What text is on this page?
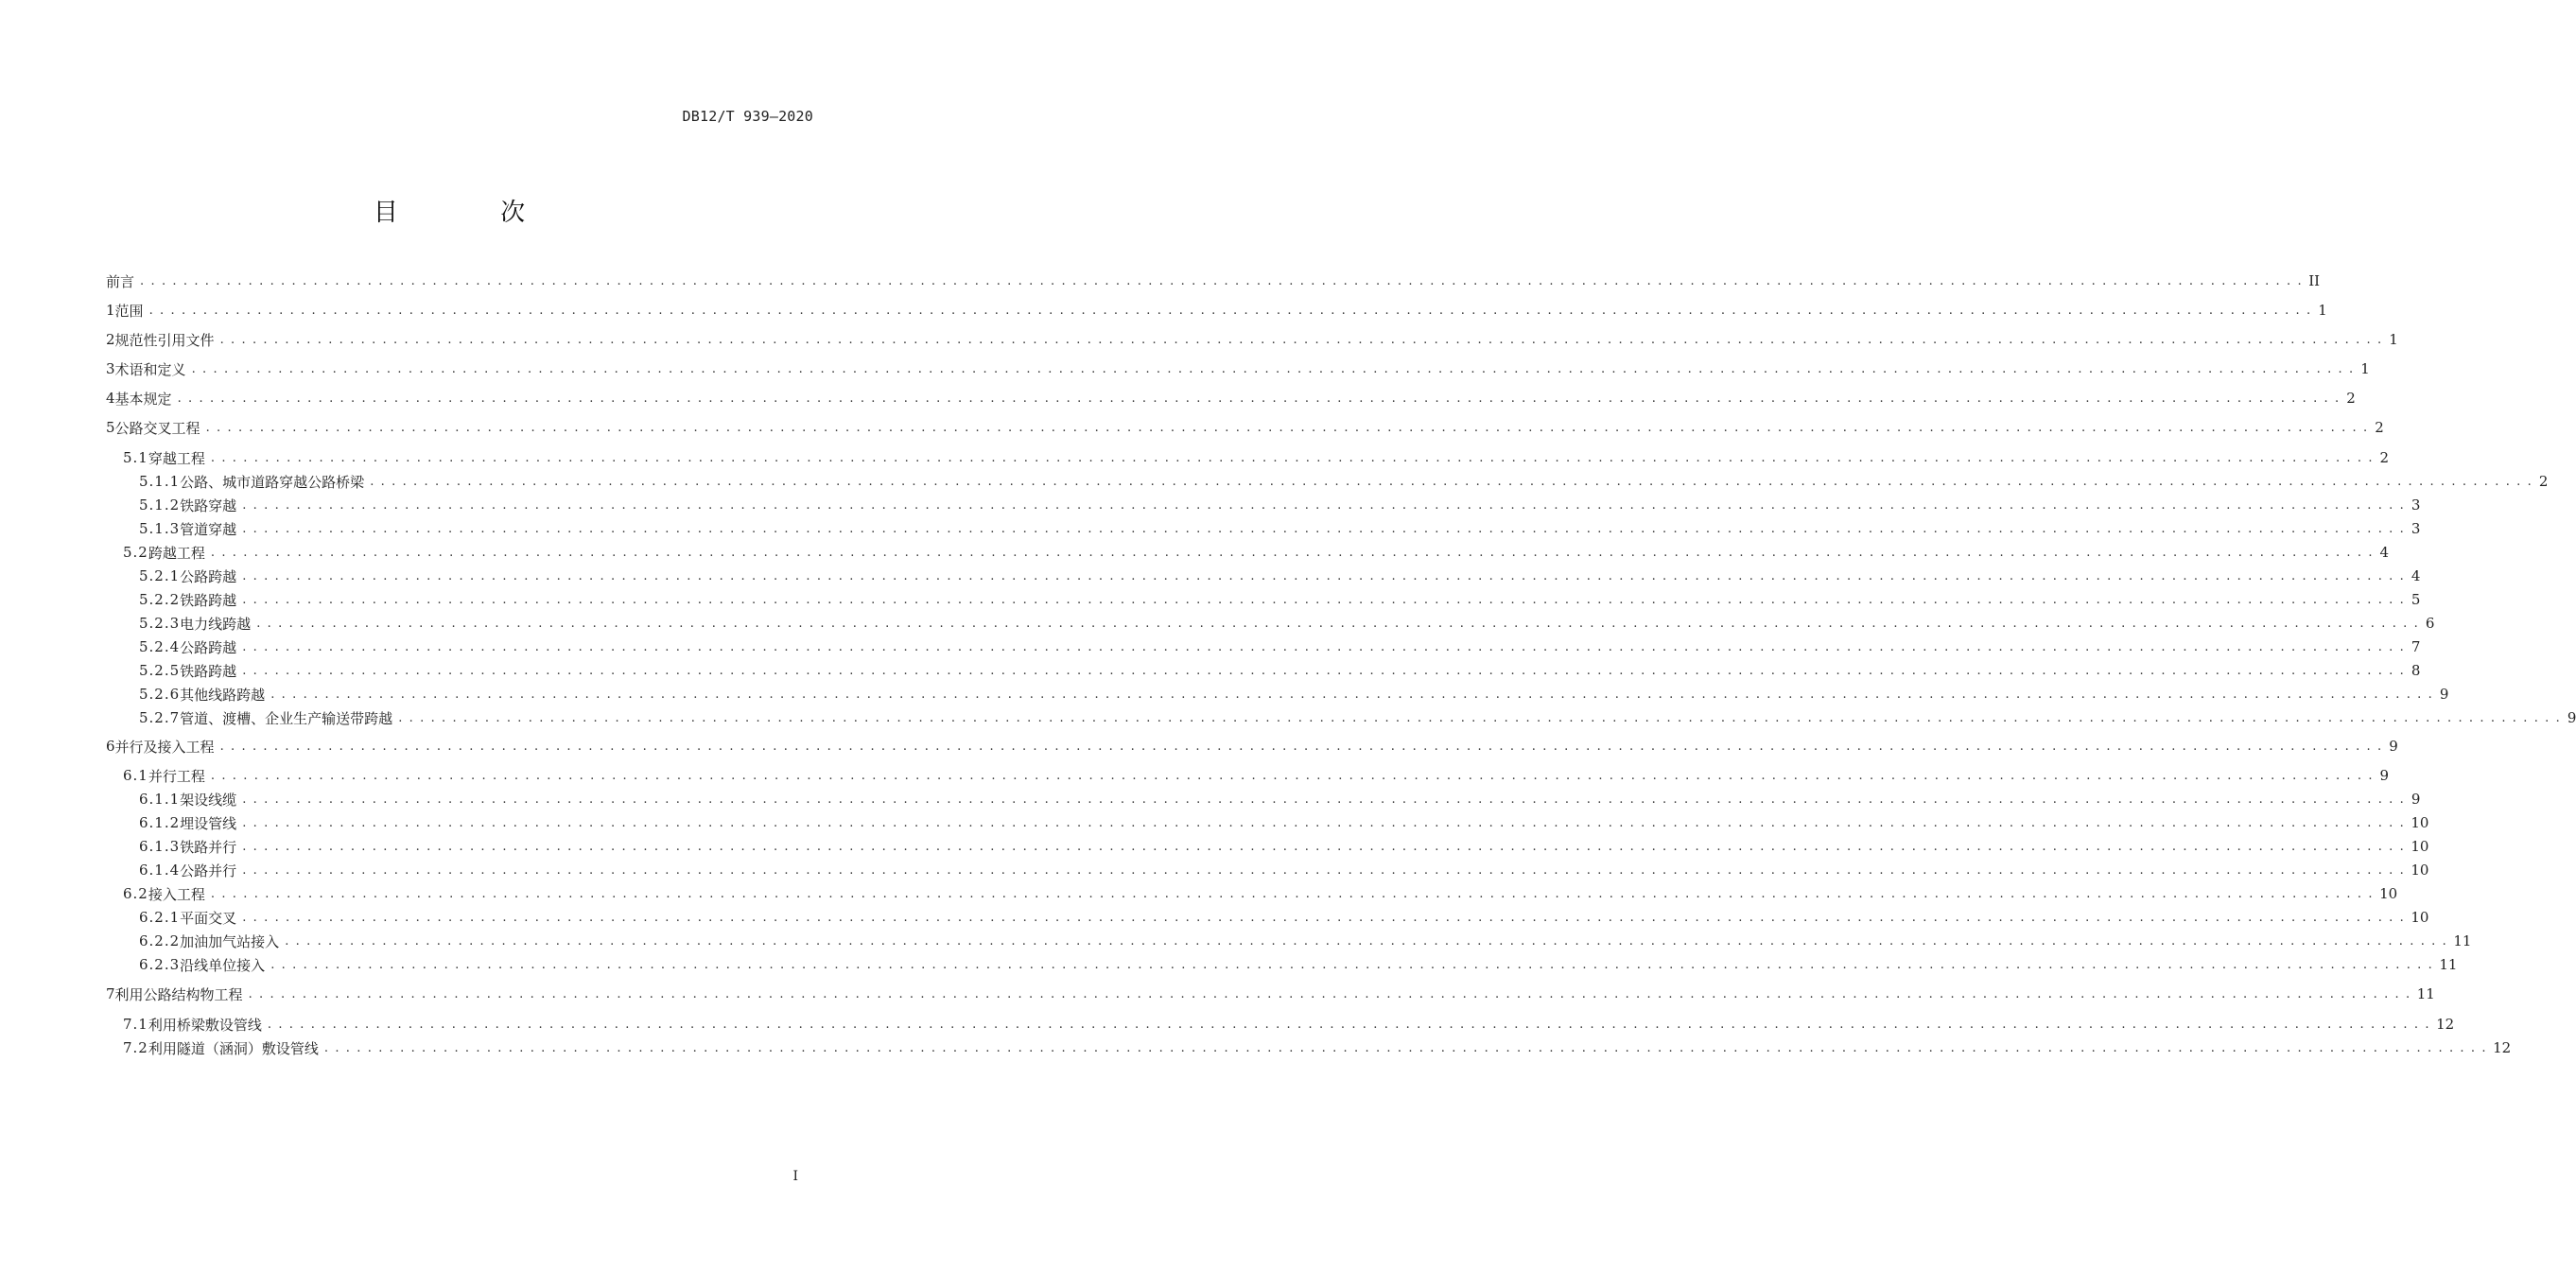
DB12/T 939—2020
目 次
前言 . . . . . . . . . . . . . . . . . . . . . . . . . . . . . . . . . . . . . . . . . . . . . . . . . . . . . . . . . . . . . . . . . . . . . . . . . . . . . . . . . . . . . . . . . . . . . . . . . . . . . . . . . . . . . . . . . . . . . . . . . . . . . . . . . . . . . . . . . . . . . . . . . . . . . . . . . . . . . . . . . . . . . . . . . . . . . . . . . . . . . . . . . . . . . . . . . . . . . . . . II
1 范围 . . . . . . . . . . . . . . . . . . . . . . . . . . . . . . . . . . . . . . . . . . . . . . . . . . . . . . . . . . . . . . . . . . . . . . . . . . . . . . . . . . . . . . . . . . . . . . . . . . . . . . . . . . . . . . . . . . . . . . . . . . . . . . . . . . . . . . . . . . . . . . . . . . . . . . . . . . . . . . . . . . . . . . . . . . . . . . . . . . . . . . . . . . . . . . . . . . . . . . . . 1
2 规范性引用文件 . . . . . . . . . . . . . . . . . . . . . . . . . . . . . . . . . . . . . . . . . . . . . . . . . . . . . . . . . . . . . . . . . . . . . . . . . . . . . . . . . . . . . . . . . . . . . . . . . . . . . . . . . . . . . . . . . . . . . . . . . . . . . . . . . . . . . . . . . . . . . . . . . . . . . . . . . . . . . . . . . . . . . . . . . . . . . . . . . . . . . . . . . . . . . . . . . . . . . . . . 1
3 术语和定义 . . . . . . . . . . . . . . . . . . . . . . . . . . . . . . . . . . . . . . . . . . . . . . . . . . . . . . . . . . . . . . . . . . . . . . . . . . . . . . . . . . . . . . . . . . . . . . . . . . . . . . . . . . . . . . . . . . . . . . . . . . . . . . . . . . . . . . . . . . . . . . . . . . . . . . . . . . . . . . . . . . . . . . . . . . . . . . . . . . . . . . . . . . . . . . . . . . . . . . . . 1
4 基本规定 . . . . . . . . . . . . . . . . . . . . . . . . . . . . . . . . . . . . . . . . . . . . . . . . . . . . . . . . . . . . . . . . . . . . . . . . . . . . . . . . . . . . . . . . . . . . . . . . . . . . . . . . . . . . . . . . . . . . . . . . . . . . . . . . . . . . . . . . . . . . . . . . . . . . . . . . . . . . . . . . . . . . . . . . . . . . . . . . . . . . . . . . . . . . . . . . . . . . . . . . 2
5 公路交叉工程 . . . . . . . . . . . . . . . . . . . . . . . . . . . . . . . . . . . . . . . . . . . . . . . . . . . . . . . . . . . . . . . . . . . . . . . . . . . . . . . . . . . . . . . . . . . . . . . . . . . . . . . . . . . . . . . . . . . . . . . . . . . . . . . . . . . . . . . . . . . . . . . . . . . . . . . . . . . . . . . . . . . . . . . . . . . . . . . . . . . . . . . . . . . . . . . . . . . . . . . . 2
5.1 穿越工程 . . . . . . . . . . . . . . . . . . . . . . . . . . . . . . . . . . . . . . . . . . . . . . . . . . . . . . . . . . . . . . . . . . . . . . . . . . . . . . . . . . . . . . . . . . . . . . . . . . . . . . . . . . . . . . . . . . . . . . . . . . . . . . . . . . . . . . . . . . . . . . . . . . . . . . . . . . . . . . . . . . . . . . . . . . . . . . . . . . . . . . . . . . . . . . . . . . . . . . . . 2
5.1.1 公路、城市道路穿越公路桥梁 . . . . . . . . . . . . . . . . . . . . . . . . . . . . . . . . . . . . . . . . . . . . . . . . . . . . . . . . . . . . . . . . . . . . . . . . . . . . . . . . . . . . . . . . . . . . . . . . . . . . . . . . . . . . . . . . . . . . . . . . . . . . . . . . . . . . . . . . . . . . . . . . . . . . . . . . . . . . . . . . . . . . . . . . . . . . . . . . . . . . . . . . . . . . . . . . . . . . . . . . 2
5.1.2 铁路穿越 . . . . . . . . . . . . . . . . . . . . . . . . . . . . . . . . . . . . . . . . . . . . . . . . . . . . . . . . . . . . . . . . . . . . . . . . . . . . . . . . . . . . . . . . . . . . . . . . . . . . . . . . . . . . . . . . . . . . . . . . . . . . . . . . . . . . . . . . . . . . . . . . . . . . . . . . . . . . . . . . . . . . . . . . . . . . . . . . . . . . . . . . . . . . . . . . . . . . . . . . 3
5.1.3 管道穿越 . . . . . . . . . . . . . . . . . . . . . . . . . . . . . . . . . . . . . . . . . . . . . . . . . . . . . . . . . . . . . . . . . . . . . . . . . . . . . . . . . . . . . . . . . . . . . . . . . . . . . . . . . . . . . . . . . . . . . . . . . . . . . . . . . . . . . . . . . . . . . . . . . . . . . . . . . . . . . . . . . . . . . . . . . . . . . . . . . . . . . . . . . . . . . . . . . . . . . . . . 3
5.2 跨越工程 . . . . . . . . . . . . . . . . . . . . . . . . . . . . . . . . . . . . . . . . . . . . . . . . . . . . . . . . . . . . . . . . . . . . . . . . . . . . . . . . . . . . . . . . . . . . . . . . . . . . . . . . . . . . . . . . . . . . . . . . . . . . . . . . . . . . . . . . . . . . . . . . . . . . . . . . . . . . . . . . . . . . . . . . . . . . . . . . . . . . . . . . . . . . . . . . . . . . . . . . 4
5.2.1 公路跨越 . . . . . . . . . . . . . . . . . . . . . . . . . . . . . . . . . . . . . . . . . . . . . . . . . . . . . . . . . . . . . . . . . . . . . . . . . . . . . . . . . . . . . . . . . . . . . . . . . . . . . . . . . . . . . . . . . . . . . . . . . . . . . . . . . . . . . . . . . . . . . . . . . . . . . . . . . . . . . . . . . . . . . . . . . . . . . . . . . . . . . . . . . . . . . . . . . . . . . . . . 4
5.2.2 铁路跨越 . . . . . . . . . . . . . . . . . . . . . . . . . . . . . . . . . . . . . . . . . . . . . . . . . . . . . . . . . . . . . . . . . . . . . . . . . . . . . . . . . . . . . . . . . . . . . . . . . . . . . . . . . . . . . . . . . . . . . . . . . . . . . . . . . . . . . . . . . . . . . . . . . . . . . . . . . . . . . . . . . . . . . . . . . . . . . . . . . . . . . . . . . . . . . . . . . . . . . . . . 5
5.2.3 电力线跨越 . . . . . . . . . . . . . . . . . . . . . . . . . . . . . . . . . . . . . . . . . . . . . . . . . . . . . . . . . . . . . . . . . . . . . . . . . . . . . . . . . . . . . . . . . . . . . . . . . . . . . . . . . . . . . . . . . . . . . . . . . . . . . . . . . . . . . . . . . . . . . . . . . . . . . . . . . . . . . . . . . . . . . . . . . . . . . . . . . . . . . . . . . . . . . . . . . . . . . . . . 6
5.2.4 公路跨越 . . . . . . . . . . . . . . . . . . . . . . . . . . . . . . . . . . . . . . . . . . . . . . . . . . . . . . . . . . . . . . . . . . . . . . . . . . . . . . . . . . . . . . . . . . . . . . . . . . . . . . . . . . . . . . . . . . . . . . . . . . . . . . . . . . . . . . . . . . . . . . . . . . . . . . . . . . . . . . . . . . . . . . . . . . . . . . . . . . . . . . . . . . . . . . . . . . . . . . . . 7
5.2.5 铁路跨越 . . . . . . . . . . . . . . . . . . . . . . . . . . . . . . . . . . . . . . . . . . . . . . . . . . . . . . . . . . . . . . . . . . . . . . . . . . . . . . . . . . . . . . . . . . . . . . . . . . . . . . . . . . . . . . . . . . . . . . . . . . . . . . . . . . . . . . . . . . . . . . . . . . . . . . . . . . . . . . . . . . . . . . . . . . . . . . . . . . . . . . . . . . . . . . . . . . . . . . . . 8
5.2.6 其他线路跨越 . . . . . . . . . . . . . . . . . . . . . . . . . . . . . . . . . . . . . . . . . . . . . . . . . . . . . . . . . . . . . . . . . . . . . . . . . . . . . . . . . . . . . . . . . . . . . . . . . . . . . . . . . . . . . . . . . . . . . . . . . . . . . . . . . . . . . . . . . . . . . . . . . . . . . . . . . . . . . . . . . . . . . . . . . . . . . . . . . . . . . . . . . . . . . . . . . . . . . . . . 9
5.2.7 管道、渡槽、企业生产输送带跨越 . . . . . . . . . . . . . . . . . . . . . . . . . . . . . . . . . . . . . . . . . . . . . . . . . . . . . . . . . . . . . . . . . . . . . . . . . . . . . . . . . . . . . . . . . . . . . . . . . . . . . . . . . . . . . . . . . . . . . . . . . . . . . . . . . . . . . . . . . . . . . . . . . . . . . . . . . . . . . . . . . . . . . . . . . . . . . . . . . . . . . . . . . . . . . . . . . . . . . . . . 9
6 并行及接入工程 . . . . . . . . . . . . . . . . . . . . . . . . . . . . . . . . . . . . . . . . . . . . . . . . . . . . . . . . . . . . . . . . . . . . . . . . . . . . . . . . . . . . . . . . . . . . . . . . . . . . . . . . . . . . . . . . . . . . . . . . . . . . . . . . . . . . . . . . . . . . . . . . . . . . . . . . . . . . . . . . . . . . . . . . . . . . . . . . . . . . . . . . . . . . . . . . . . . . . . . . 9
6.1 并行工程 . . . . . . . . . . . . . . . . . . . . . . . . . . . . . . . . . . . . . . . . . . . . . . . . . . . . . . . . . . . . . . . . . . . . . . . . . . . . . . . . . . . . . . . . . . . . . . . . . . . . . . . . . . . . . . . . . . . . . . . . . . . . . . . . . . . . . . . . . . . . . . . . . . . . . . . . . . . . . . . . . . . . . . . . . . . . . . . . . . . . . . . . . . . . . . . . . . . . . . . . 9
6.1.1 架设线缆 . . . . . . . . . . . . . . . . . . . . . . . . . . . . . . . . . . . . . . . . . . . . . . . . . . . . . . . . . . . . . . . . . . . . . . . . . . . . . . . . . . . . . . . . . . . . . . . . . . . . . . . . . . . . . . . . . . . . . . . . . . . . . . . . . . . . . . . . . . . . . . . . . . . . . . . . . . . . . . . . . . . . . . . . . . . . . . . . . . . . . . . . . . . . . . . . . . . . . . . . 9
6.1.2 埋设管线 . . . . . . . . . . . . . . . . . . . . . . . . . . . . . . . . . . . . . . . . . . . . . . . . . . . . . . . . . . . . . . . . . . . . . . . . . . . . . . . . . . . . . . . . . . . . . . . . . . . . . . . . . . . . . . . . . . . . . . . . . . . . . . . . . . . . . . . . . . . . . . . . . . . . . . . . . . . . . . . . . . . . . . . . . . . . . . . . . . . . . . . . . . . . . . . . . . . . . . . . 10
6.1.3 铁路并行 . . . . . . . . . . . . . . . . . . . . . . . . . . . . . . . . . . . . . . . . . . . . . . . . . . . . . . . . . . . . . . . . . . . . . . . . . . . . . . . . . . . . . . . . . . . . . . . . . . . . . . . . . . . . . . . . . . . . . . . . . . . . . . . . . . . . . . . . . . . . . . . . . . . . . . . . . . . . . . . . . . . . . . . . . . . . . . . . . . . . . . . . . . . . . . . . . . . . . . . . 10
6.1.4 公路并行 . . . . . . . . . . . . . . . . . . . . . . . . . . . . . . . . . . . . . . . . . . . . . . . . . . . . . . . . . . . . . . . . . . . . . . . . . . . . . . . . . . . . . . . . . . . . . . . . . . . . . . . . . . . . . . . . . . . . . . . . . . . . . . . . . . . . . . . . . . . . . . . . . . . . . . . . . . . . . . . . . . . . . . . . . . . . . . . . . . . . . . . . . . . . . . . . . . . . . . . . 10
6.2 接入工程 . . . . . . . . . . . . . . . . . . . . . . . . . . . . . . . . . . . . . . . . . . . . . . . . . . . . . . . . . . . . . . . . . . . . . . . . . . . . . . . . . . . . . . . . . . . . . . . . . . . . . . . . . . . . . . . . . . . . . . . . . . . . . . . . . . . . . . . . . . . . . . . . . . . . . . . . . . . . . . . . . . . . . . . . . . . . . . . . . . . . . . . . . . . . . . . . . . . . . . . . 10
6.2.1 平面交叉 . . . . . . . . . . . . . . . . . . . . . . . . . . . . . . . . . . . . . . . . . . . . . . . . . . . . . . . . . . . . . . . . . . . . . . . . . . . . . . . . . . . . . . . . . . . . . . . . . . . . . . . . . . . . . . . . . . . . . . . . . . . . . . . . . . . . . . . . . . . . . . . . . . . . . . . . . . . . . . . . . . . . . . . . . . . . . . . . . . . . . . . . . . . . . . . . . . . . . . . . 10
6.2.2 加油加气站接入 . . . . . . . . . . . . . . . . . . . . . . . . . . . . . . . . . . . . . . . . . . . . . . . . . . . . . . . . . . . . . . . . . . . . . . . . . . . . . . . . . . . . . . . . . . . . . . . . . . . . . . . . . . . . . . . . . . . . . . . . . . . . . . . . . . . . . . . . . . . . . . . . . . . . . . . . . . . . . . . . . . . . . . . . . . . . . . . . . . . . . . . . . . . . . . . . . . . . . . . . 11
6.2.3 沿线单位接入 . . . . . . . . . . . . . . . . . . . . . . . . . . . . . . . . . . . . . . . . . . . . . . . . . . . . . . . . . . . . . . . . . . . . . . . . . . . . . . . . . . . . . . . . . . . . . . . . . . . . . . . . . . . . . . . . . . . . . . . . . . . . . . . . . . . . . . . . . . . . . . . . . . . . . . . . . . . . . . . . . . . . . . . . . . . . . . . . . . . . . . . . . . . . . . . . . . . . . . . . 11
7 利用公路结构物工程 . . . . . . . . . . . . . . . . . . . . . . . . . . . . . . . . . . . . . . . . . . . . . . . . . . . . . . . . . . . . . . . . . . . . . . . . . . . . . . . . . . . . . . . . . . . . . . . . . . . . . . . . . . . . . . . . . . . . . . . . . . . . . . . . . . . . . . . . . . . . . . . . . . . . . . . . . . . . . . . . . . . . . . . . . . . . . . . . . . . . . . . . . . . . . . . . . . . . . . . . 11
7.1 利用桥梁敷设管线 . . . . . . . . . . . . . . . . . . . . . . . . . . . . . . . . . . . . . . . . . . . . . . . . . . . . . . . . . . . . . . . . . . . . . . . . . . . . . . . . . . . . . . . . . . . . . . . . . . . . . . . . . . . . . . . . . . . . . . . . . . . . . . . . . . . . . . . . . . . . . . . . . . . . . . . . . . . . . . . . . . . . . . . . . . . . . . . . . . . . . . . . . . . . . . . . . . . . . . . . 12
7.2 利用隧道（涵洞）敷设管线 . . . . . . . . . . . . . . . . . . . . . . . . . . . . . . . . . . . . . . . . . . . . . . . . . . . . . . . . . . . . . . . . . . . . . . . . . . . . . . . . . . . . . . . . . . . . . . . . . . . . . . . . . . . . . . . . . . . . . . . . . . . . . . . . . . . . . . . . . . . . . . . . . . . . . . . . . . . . . . . . . . . . . . . . . . . . . . . . . . . . . . . . . . . . . . . . . . . . . . . . 12
I
